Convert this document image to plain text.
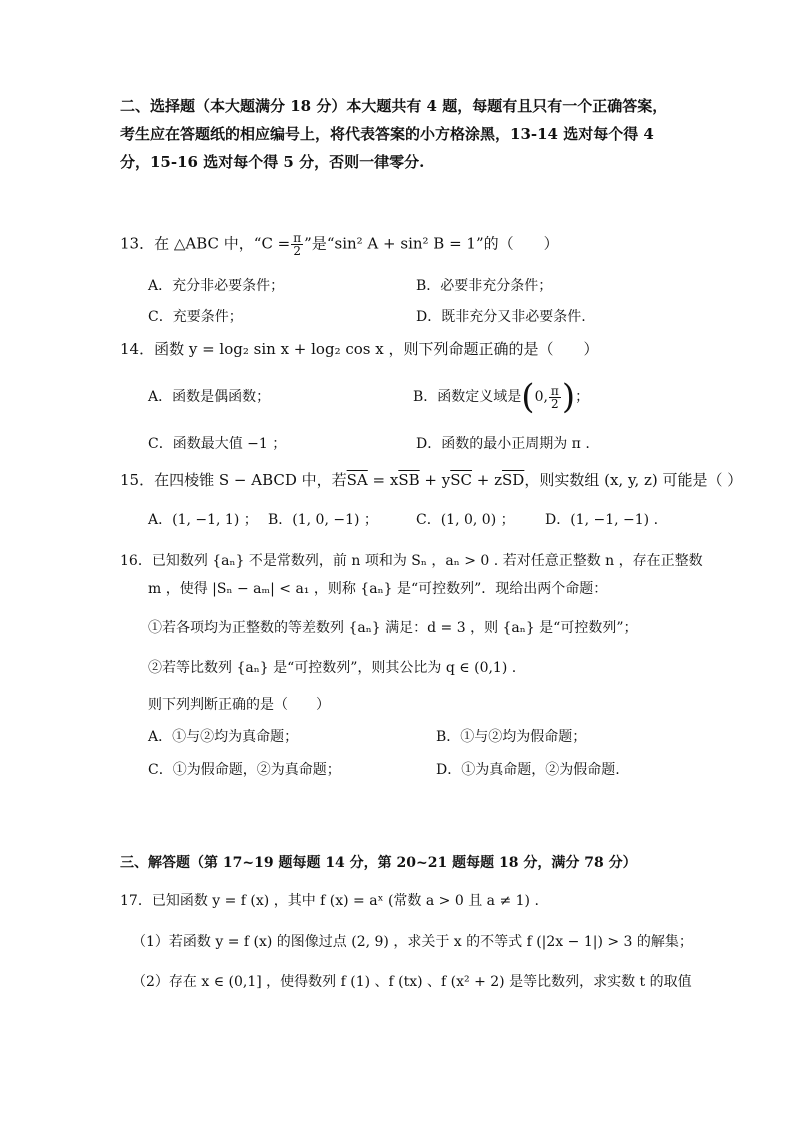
二、选择题（本大题满分 18 分）本大题共有 4 题，每题有且只有一个正确答案，
考生应在答题纸的相应编号上，将代表答案的小方格涂黑，13-14 选对每个得 4
分，15-16 选对每个得 5 分，否则一律零分.
13．在 △ABC 中，“$C = \frac{\pi}{2}$ ”是“sin² A + sin² B = 1”的（　　）
A．充分非必要条件；	B．必要非充分条件；
C．充要条件；	D．既非充分又非必要条件.
14．函数 y = log₂ sin x + log₂ cos x ，则下列命题正确的是（　　）
A．函数是偶函数；	B．函数定义域是(0, $\frac{\pi}{2}$ )；
C．函数最大值 −1 ；	D．函数的最小正周期为 π .
15．在四棱锥 S − ABCD 中，若$\overline{SA} = x\overline{SB} + y\overline{SC} + z\overline{SD}$，则实数组 (x, y, z) 可能是（ ）
A．(1, −1, 1) ； B．(1, 0, −1) ；	C．(1, 0, 0) ； D．(1, −1, −1) .
16．已知数列 {aₙ} 不是常数列，前 n 项和为 Sₙ ，aₙ > 0 . 若对任意正整数 n ，存在正整数
m ，使得 |Sₙ − aₘ| < a₁ ，则称 {aₙ} 是“可控数列”．现给出两个命题：
①若各项均为正整数的等差数列 {aₙ} 满足：d = 3 ，则 {aₙ} 是“可控数列”；
②若等比数列 {aₙ} 是“可控数列”，则其公比为 q ∈ (0,1) .
则下列判断正确的是（　　）
A．①与②均为真命题；	B．①与②均为假命题；
C．①为假命题，②为真命题；	D．①为真命题，②为假命题.
三、解答题（第 17~19 题每题 14 分，第 20~21 题每题 18 分，满分 78 分）
17．已知函数 y = f (x) ，其中 f (x) = aˣ (常数 a > 0 且 a ≠ 1) .
（1）若函数 y = f (x) 的图像过点 (2, 9) ，求关于 x 的不等式 f (|2x − 1|) > 3 的解集；
（2）存在 x ∈ (0,1] ，使得数列 f (1) 、f (tx) 、f (x² + 2) 是等比数列，求实数 t 的取值
